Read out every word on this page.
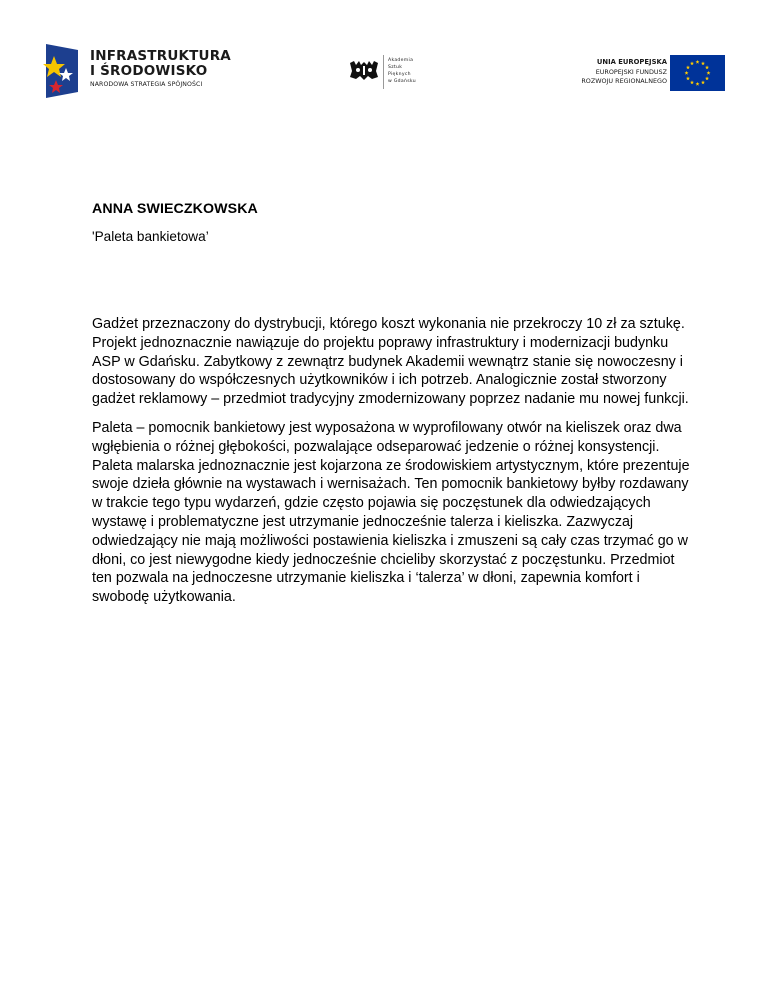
INFRASTRUKTURA
I ŚRODOWISKO
NARODOWA STRATEGIA SPÓJNOŚCI
Akademia
Sztuk
Pięknych
w Gdańsku
UNIA EUROPEJSKA
EUROPEJSKI FUNDUSZ
ROZWOJU REGIONALNEGO
ANNA SWIECZKOWSKA
'Paleta bankietowa’

Gadżet przeznaczony do dystrybucji, którego koszt wykonania nie przekroczy 10 zł za sztukę. Projekt jednoznacznie nawiązuje do projektu poprawy infrastruktury i modernizacji budynku ASP w Gdańsku. Zabytkowy z zewnątrz budynek Akademii wewnątrz stanie się nowoczesny i dostosowany do współczesnych użytkowników i ich potrzeb. Analogicznie został stworzony gadżet reklamowy – przedmiot tradycyjny zmodernizowany poprzez nadanie mu nowej funkcji.

Paleta – pomocnik bankietowy jest wyposażona w wyprofilowany otwór na kieliszek oraz dwa wgłębienia o różnej głębokości, pozwalające odseparować jedzenie o różnej konsystencji. Paleta malarska jednoznacznie jest kojarzona ze środowiskiem artystycznym, które prezentuje swoje dzieła głównie na wystawach i wernisażach. Ten pomocnik bankietowy byłby rozdawany w trakcie tego typu wydarzeń, gdzie często pojawia się poczęstunek dla odwiedzających wystawę i problematyczne jest utrzymanie jednocześnie talerza i kieliszka. Zazwyczaj odwiedzający nie mają możliwości postawienia kieliszka i zmuszeni są cały czas trzymać go w dłoni, co jest niewygodne kiedy jednocześnie chcieliby skorzystać z poczęstunku. Przedmiot ten pozwala na jednoczesne utrzymanie kieliszka i ‘talerza’ w dłoni, zapewnia komfort i swobodę użytkowania.
